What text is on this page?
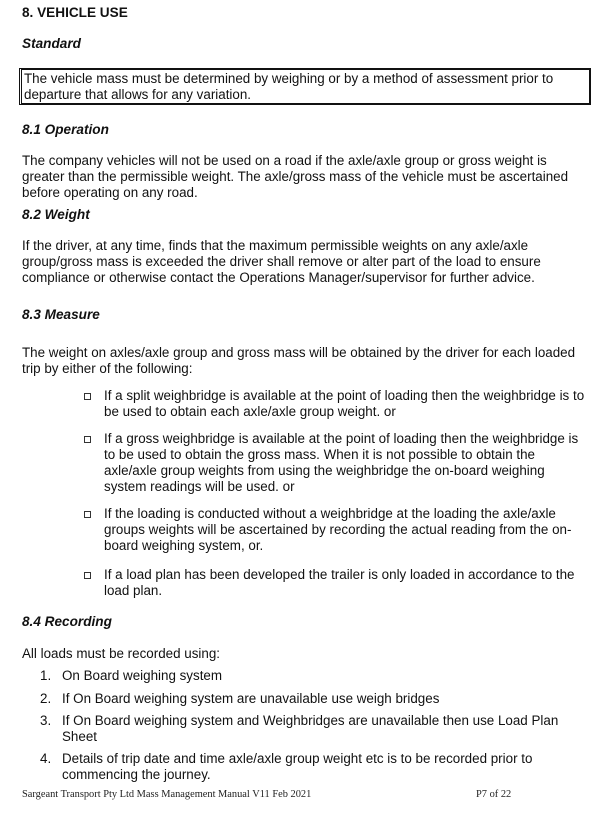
8. VEHICLE USE
Standard
The vehicle mass must be determined by weighing or by a method of assessment prior to departure that allows for any variation.
8.1 Operation
The company vehicles will not be used on a road if the axle/axle group or gross weight is greater than the permissible weight. The axle/gross mass of the vehicle must be ascertained before operating on any road.
8.2 Weight
If the driver, at any time, finds that the maximum permissible weights on any axle/axle group/gross mass is exceeded the driver shall remove or alter part of the load to ensure compliance or otherwise contact the Operations Manager/supervisor for further advice.
8.3 Measure
The weight on axles/axle group and gross mass will be obtained by the driver for each loaded trip by either of the following:
If a split weighbridge is available at the point of loading then the weighbridge is to be used to obtain each axle/axle group weight. or
If a gross weighbridge is available at the point of loading then the weighbridge is to be used to obtain the gross mass. When it is not possible to obtain the axle/axle group weights from using the weighbridge the on-board weighing system readings will be used. or
If the loading is conducted without a weighbridge at the loading the axle/axle groups weights will be ascertained by recording the actual reading from the on-board weighing system, or.
If a load plan has been developed the trailer is only loaded in accordance to the load plan.
8.4 Recording
All loads must be recorded using:
1. On Board weighing system
2. If On Board weighing system are unavailable use weigh bridges
3. If On Board weighing system and Weighbridges are unavailable then use Load Plan Sheet
4. Details of trip date and time axle/axle group weight etc is to be recorded prior to commencing the journey.
Sargeant Transport Pty Ltd Mass Management Manual V11 Feb 2021	P7 of 22
